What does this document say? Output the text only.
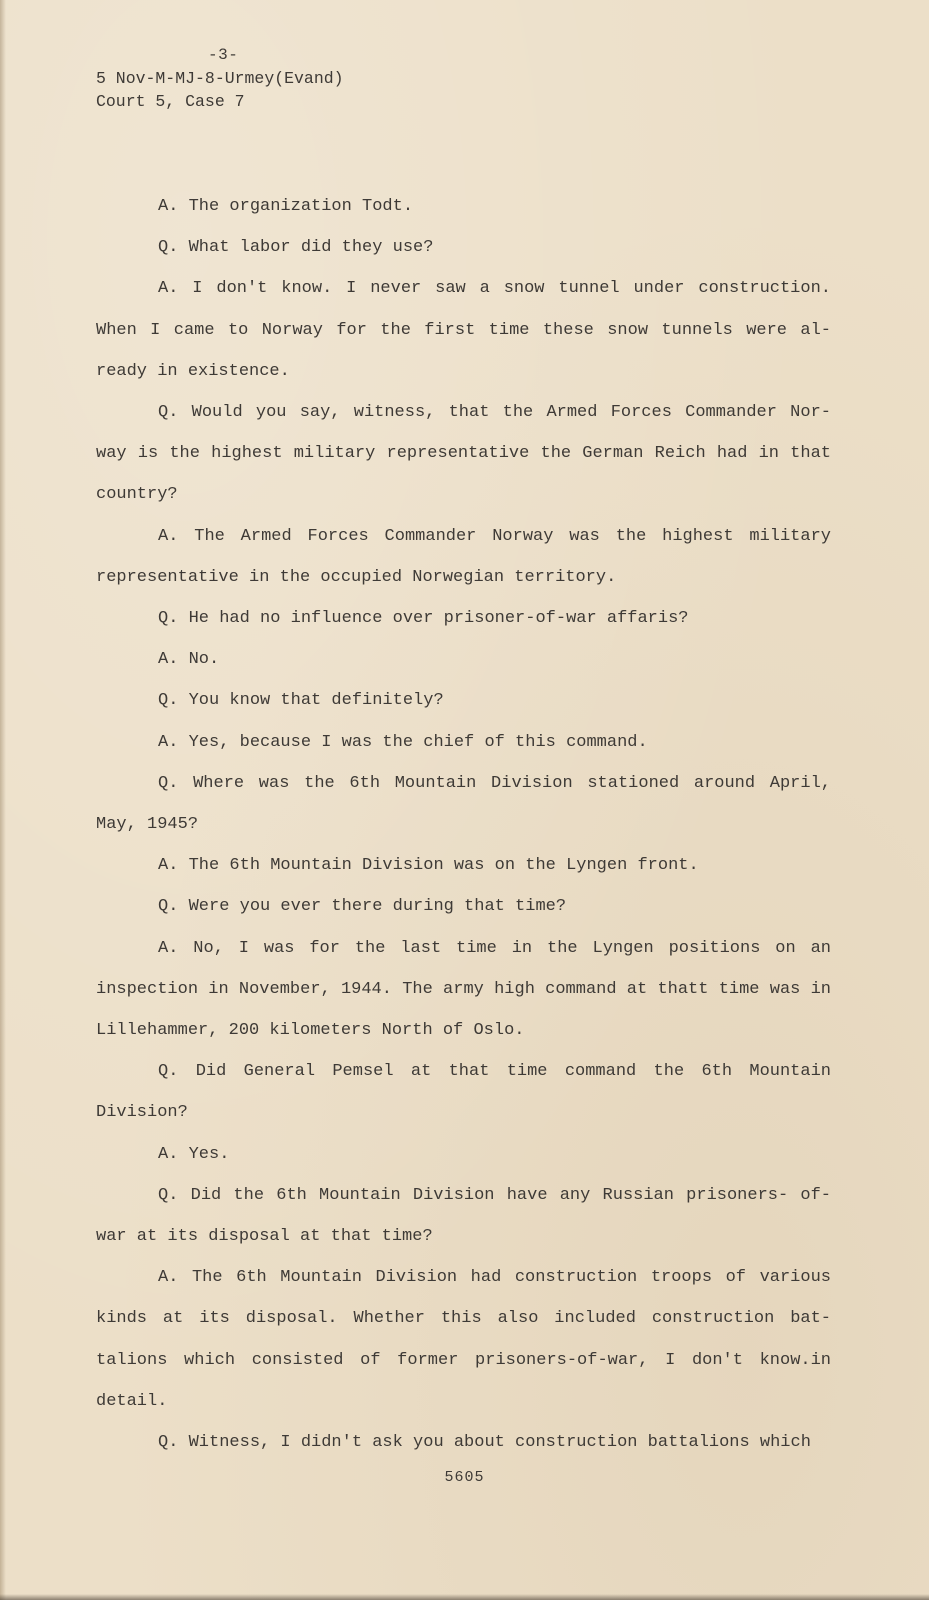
-3-
5 Nov-M-MJ-8-Urmey(Evand)
Court 5, Case 7

A. The organization Todt.

Q. What labor did they use?

A. I don't know. I never saw a snow tunnel under construction. When I came to Norway for the first time these snow tunnels were al- ready in existence.

Q. Would you say, witness, that the Armed Forces Commander Nor- way is the highest military representative the German Reich had in that country?

A. The Armed Forces Commander Norway was the highest military representative in the occupied Norwegian territory.

Q. He had no influence over prisoner-of-war affaris?

A. No.

Q. You know that definitely?

A. Yes, because I was the chief of this command.

Q. Where was the 6th Mountain Division stationed around April, May, 1945?

A. The 6th Mountain Division was on the Lyngen front.

Q. Were you ever there during that time?

A. No, I was for the last time in the Lyngen positions on an inspection in November, 1944. The army high command at thatt time was in Lillehammer, 200 kilometers North of Oslo.

Q. Did General Pemsel at that time command the 6th Mountain Division?

A. Yes.

Q. Did the 6th Mountain Division have any Russian prisoners- of-war at its disposal at that time?

A. The 6th Mountain Division had construction troops of various kinds at its disposal. Whether this also included construction bat- talions which consisted of former prisoners-of-war, I don't know.in detail.

Q. Witness, I didn't ask you about construction battalions which

5605
